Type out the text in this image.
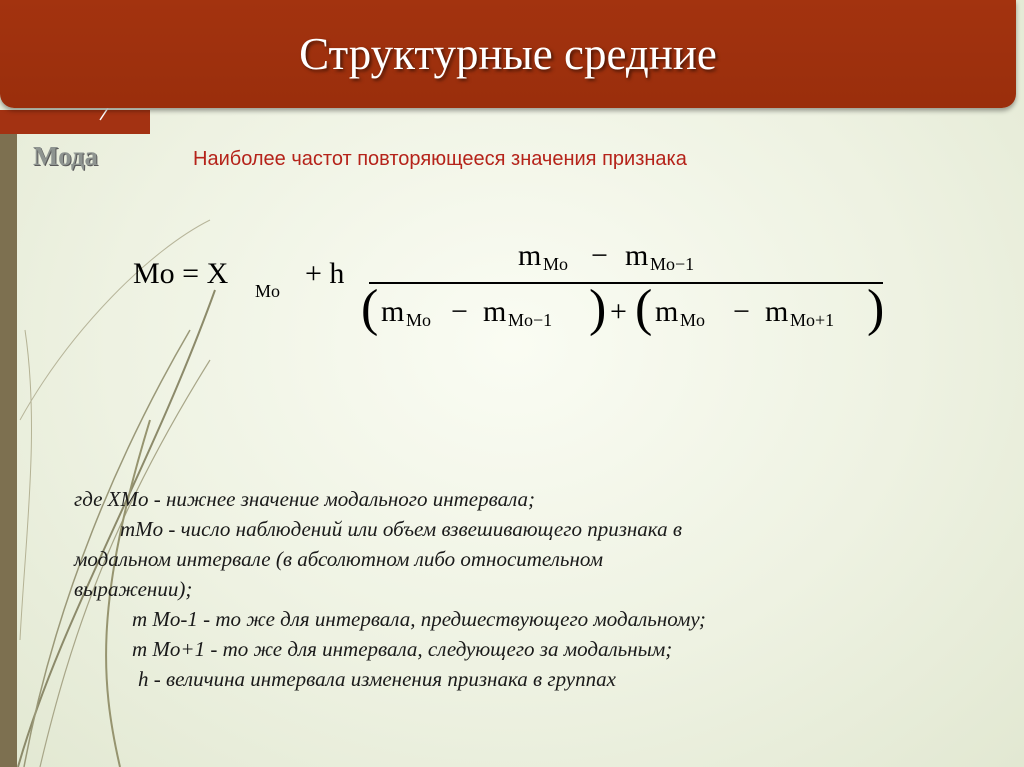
Структурные средние
Мода	Наиболее частот повторяющееся значения признака
Mo = X
Mo
+ h
m Mo − m Mo−1
( m Mo − m Mo−1 ) + ( m Mo − m Mo+1 )
где XMo - нижнее значение модального интервала;
mMo - число наблюдений или объем взвешивающего признака в
модальном интервале (в абсолютном либо относительном
выражении);
m Mo-1 - то же для интервала, предшествующего модальному;
m Mo+1 - то же для интервала, следующего за модальным;
h - величина интервала изменения признака в группах
